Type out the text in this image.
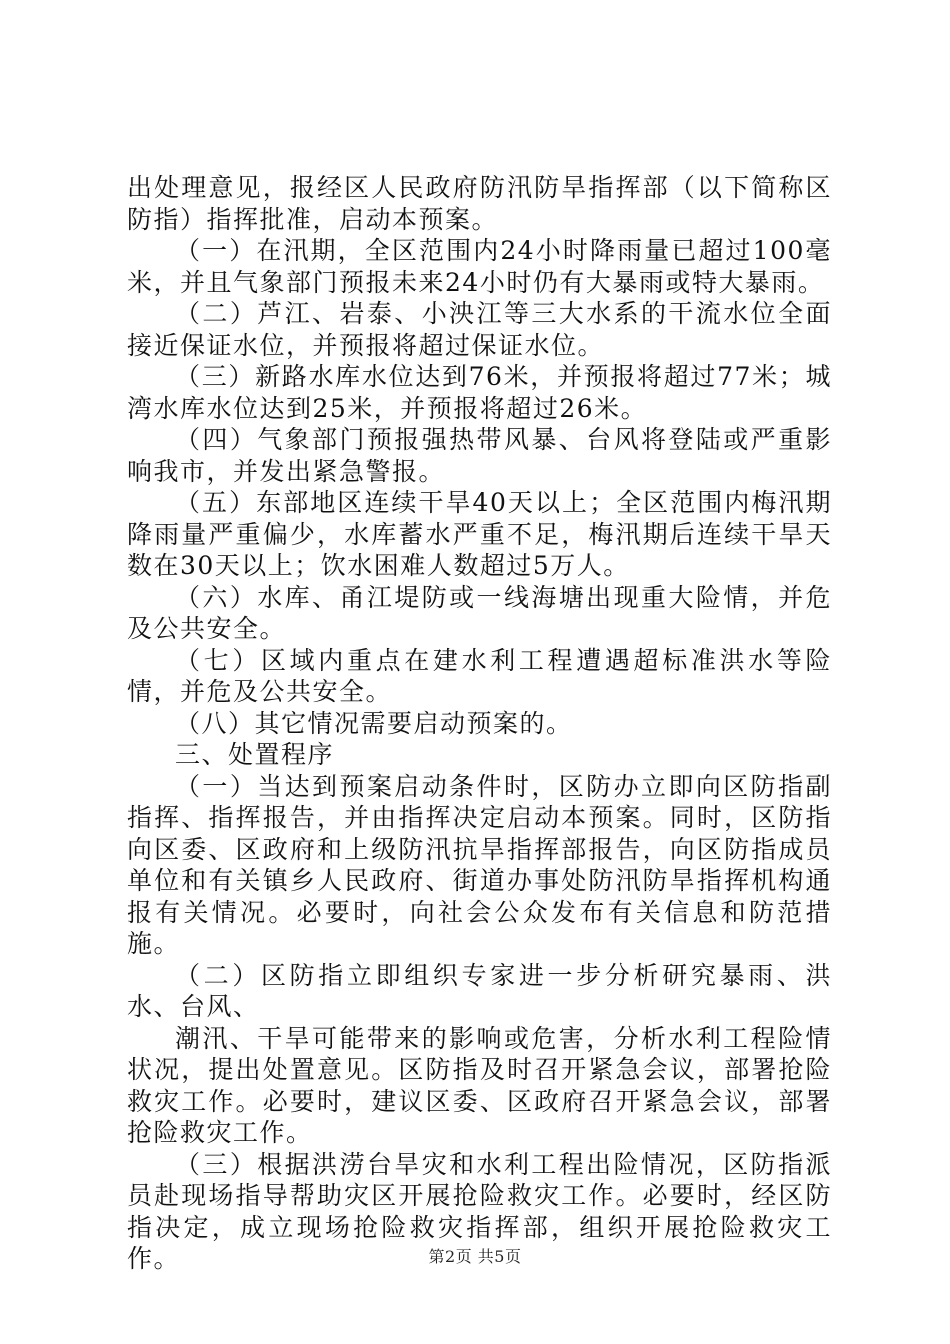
出处理意见，报经区人民政府防汛防旱指挥部（以下简称区防指）指挥批准，启动本预案。

（一）在汛期，全区范围内24小时降雨量已超过100毫米，并且气象部门预报未来24小时仍有大暴雨或特大暴雨。

（二）芦江、岩泰、小泱江等三大水系的干流水位全面接近保证水位，并预报将超过保证水位。

（三）新路水库水位达到76米，并预报将超过77米；城湾水库水位达到25米，并预报将超过26米。

（四）气象部门预报强热带风暴、台风将登陆或严重影响我市，并发出紧急警报。

（五）东部地区连续干旱40天以上；全区范围内梅汛期降雨量严重偏少，水库蓄水严重不足，梅汛期后连续干旱天数在30天以上；饮水困难人数超过5万人。

（六）水库、甬江堤防或一线海塘出现重大险情，并危及公共安全。

（七）区域内重点在建水利工程遭遇超标准洪水等险情，并危及公共安全。

（八）其它情况需要启动预案的。

三、处置程序

（一）当达到预案启动条件时，区防办立即向区防指副指挥、指挥报告，并由指挥决定启动本预案。同时，区防指向区委、区政府和上级防汛抗旱指挥部报告，向区防指成员单位和有关镇乡人民政府、街道办事处防汛防旱指挥机构通报有关情况。必要时，向社会公众发布有关信息和防范措施。

（二）区防指立即组织专家进一步分析研究暴雨、洪水、台风、

潮汛、干旱可能带来的影响或危害，分析水利工程险情状况，提出处置意见。区防指及时召开紧急会议，部署抢险救灾工作。必要时，建议区委、区政府召开紧急会议，部署抢险救灾工作。

（三）根据洪涝台旱灾和水利工程出险情况，区防指派员赴现场指导帮助灾区开展抢险救灾工作。必要时，经区防指决定，成立现场抢险救灾指挥部，组织开展抢险救灾工作。	第2页 共5页
